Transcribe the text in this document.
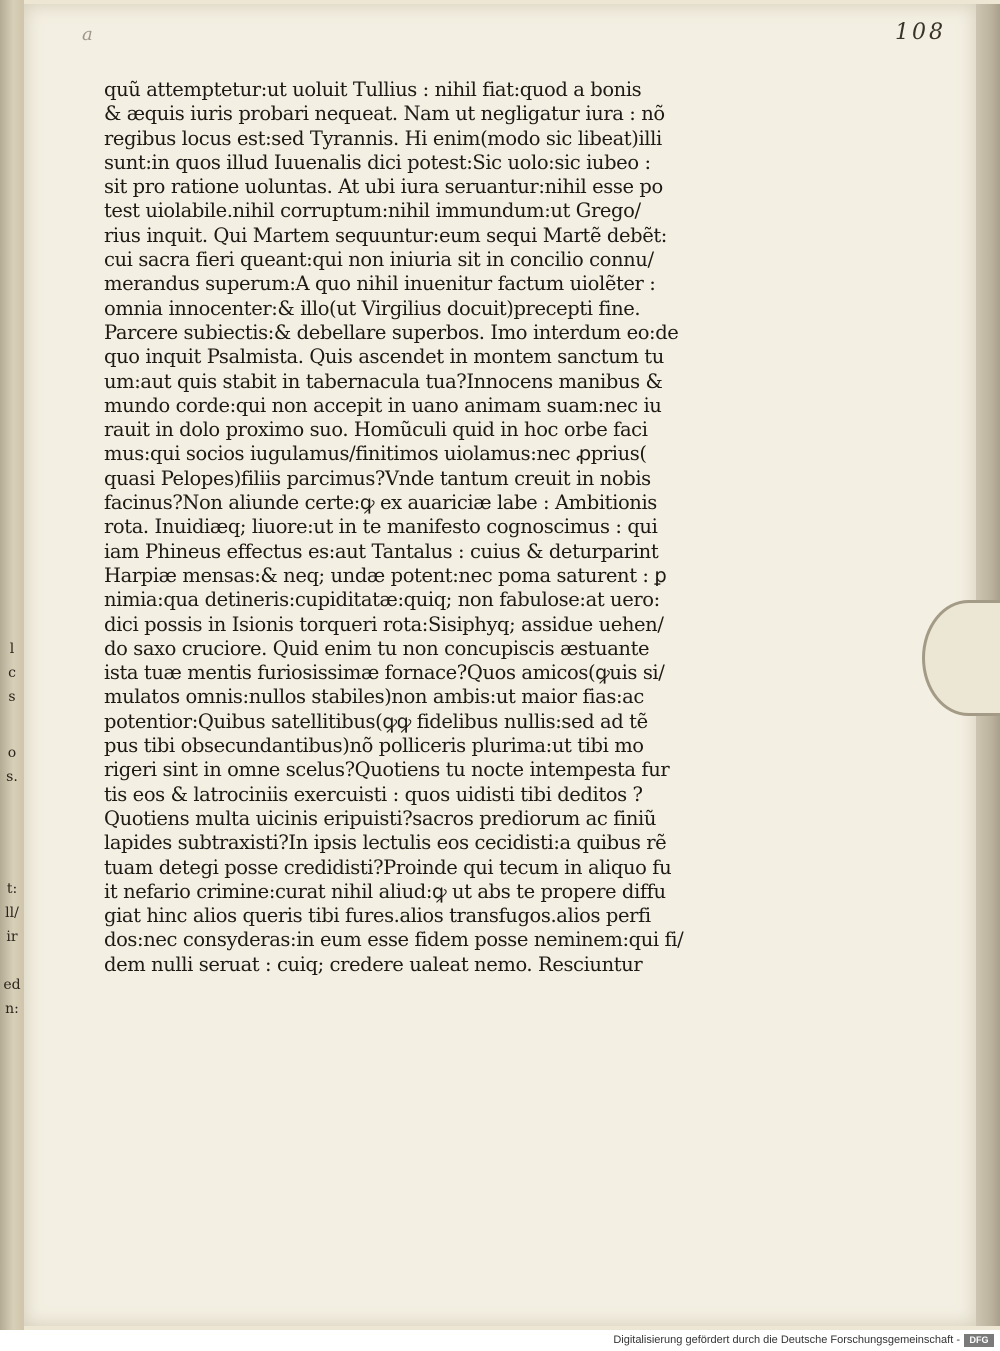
a	108
l
c
s
o
s.
t:
ll/
ir
ed
n:
quũ attemptetur:ut uoluit Tullius : nihil fiat:quod a bonis
& æquis iuris probari nequeat. Nam ut negligatur iura : nõ
regibus locus est:sed Tyrannis. Hi enim(modo sic libeat)illi
sunt:in quos illud Iuuenalis dici potest:Sic uolo:sic iubeo :
sit pro ratione uoluntas. At ubi iura seruantur:nihil esse po
test uiolabile.nihil corruptum:nihil immundum:ut Grego/
rius inquit. Qui Martem sequuntur:eum sequi Martẽ debẽt:
cui sacra fieri queant:qui non iniuria sit in concilio connu/
merandus superum:A quo nihil inuenitur factum uiolẽter :
omnia innocenter:& illo(ut Virgilius docuit)precepti fine.
Parcere subiectis:& debellare superbos. Imo interdum eo:de
quo inquit Psalmista. Quis ascendet in montem sanctum tu
um:aut quis stabit in tabernacula tua?Innocens manibus &
mundo corde:qui non accepit in uano animam suam:nec iu
rauit in dolo proximo suo. Homũculi quid in hoc orbe faci
mus:qui socios iugulamus/finitimos uiolamus:nec ꝓprius(
quasi Pelopes)filiis parcimus?Vnde tantum creuit in nobis
facinus?Non aliunde certe:ꝙ ex auariciæ labe : Ambitionis
rota. Inuidiæq; liuore:ut in te manifesto cognoscimus : qui
iam Phineus effectus es:aut Tantalus : cuius & deturparint
Harpiæ mensas:& neq; undæ potent:nec poma saturent : ꝑ
nimia:qua detineris:cupiditatæ:quiq; non fabulose:at uero:
dici possis in Isionis torqueri rota:Sisiphyq; assidue uehen/
do saxo cruciore. Quid enim tu non concupiscis æstuante
ista tuæ mentis furiosissimæ fornace?Quos amicos(ꝙuis si/
mulatos omnis:nullos stabiles)non ambis:ut maior fias:ac
potentior:Quibus satellitibus(ꝙꝙ fidelibus nullis:sed ad tẽ
pus tibi obsecundantibus)nõ polliceris plurima:ut tibi mo
rigeri sint in omne scelus?Quotiens tu nocte intempesta fur
tis eos & latrociniis exercuisti : quos uidisti tibi deditos ?
Quotiens multa uicinis eripuisti?sacros prediorum ac finiũ
lapides subtraxisti?In ipsis lectulis eos cecidisti:a quibus rẽ
tuam detegi posse credidisti?Proinde qui tecum in aliquo fu
it nefario crimine:curat nihil aliud:ꝙ ut abs te propere diffu
giat hinc alios queris tibi fures.alios transfugos.alios perfi
dos:nec consyderas:in eum esse fidem posse neminem:qui fi/
dem nulli seruat : cuiq; credere ualeat nemo. Resciuntur
Digitalisierung gefördert durch die Deutsche Forschungsgemeinschaft -	DFG
